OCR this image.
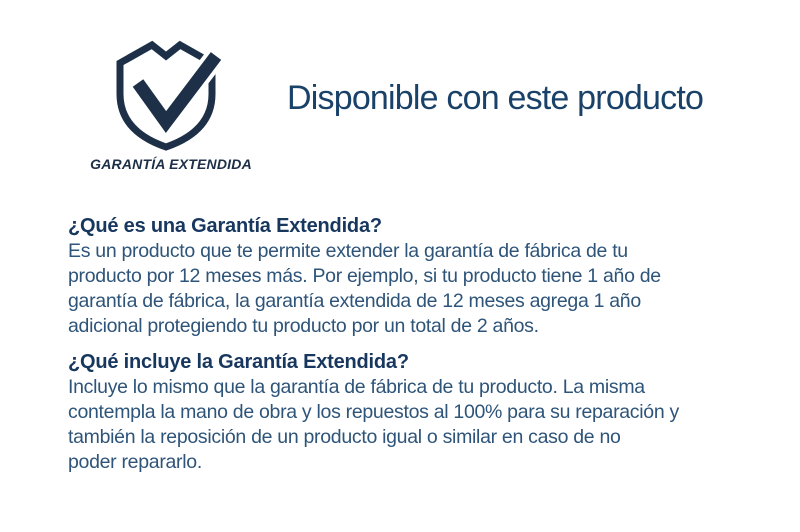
GARANTÍA EXTENDIDA
Disponible con este producto
¿Qué es una Garantía Extendida?
Es un producto que te permite extender la garantía de fábrica de tu
producto por 12 meses más. Por ejemplo, si tu producto tiene 1 año de
garantía de fábrica, la garantía extendida de 12 meses agrega 1 año
adicional protegiendo tu producto por un total de 2 años.
¿Qué incluye la Garantía Extendida?
Incluye lo mismo que la garantía de fábrica de tu producto. La misma
contempla la mano de obra y los repuestos al 100% para su reparación y
también la reposición de un producto igual o similar en caso de no
poder repararlo.
